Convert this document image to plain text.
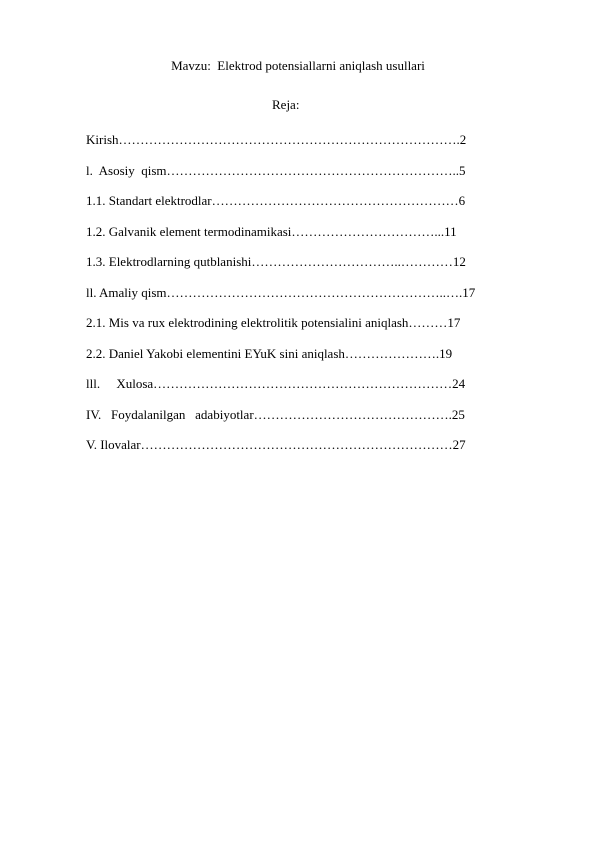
Mavzu:  Elektrod potensiallarni aniqlash usullari
Reja:
Kirish…………………………………………………………………….2
l.  Asosiy  qism…………………………………………………………..5
1.1. Standart elektrodlar…………………………………………………6
1.2. Galvanik element termodinamikasi……………………………...11
1.3. Elektrodlarning qutblanishi……………………………..…………12
ll. Amaliy qism………………………………………………………..….17
2.1. Mis va rux elektrodining elektrolitik potensialini aniqlash………17
2.2. Daniel Yakobi elementini EYuK sini aniqlash………………….19
lll.     Xulosa……………………………………………………………24
IV.   Foydalanilgan   adabiyotlar……………………………………….25
V. Ilovalar………………………………………………………………27
